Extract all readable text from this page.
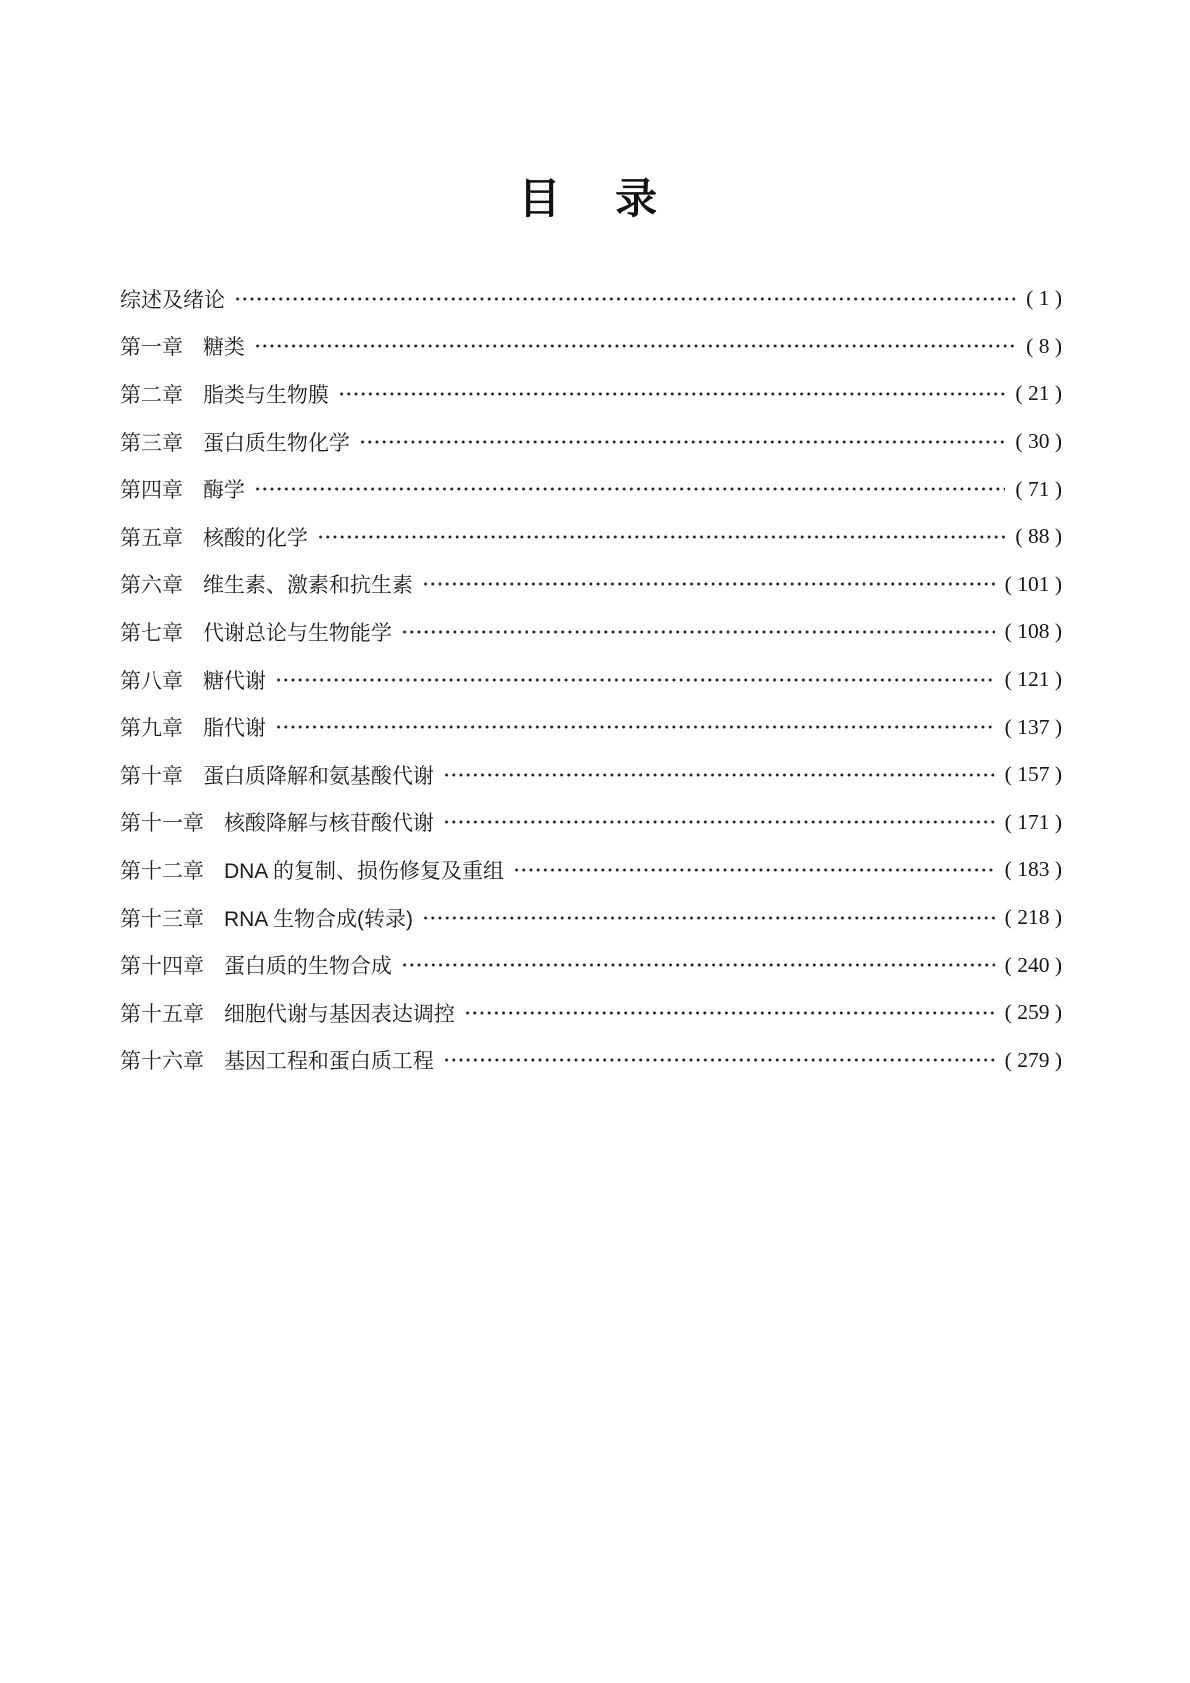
目　录
综述及绪论	( 1 )
第一章 糖类	( 8 )
第二章 脂类与生物膜	( 21 )
第三章 蛋白质生物化学	( 30 )
第四章 酶学	( 71 )
第五章 核酸的化学	( 88 )
第六章 维生素、激素和抗生素	( 101 )
第七章 代谢总论与生物能学	( 108 )
第八章 糖代谢	( 121 )
第九章 脂代谢	( 137 )
第十章 蛋白质降解和氨基酸代谢	( 157 )
第十一章 核酸降解与核苷酸代谢	( 171 )
第十二章 DNA 的复制、损伤修复及重组	( 183 )
第十三章 RNA 生物合成(转录)	( 218 )
第十四章 蛋白质的生物合成	( 240 )
第十五章 细胞代谢与基因表达调控	( 259 )
第十六章 基因工程和蛋白质工程	( 279 )
